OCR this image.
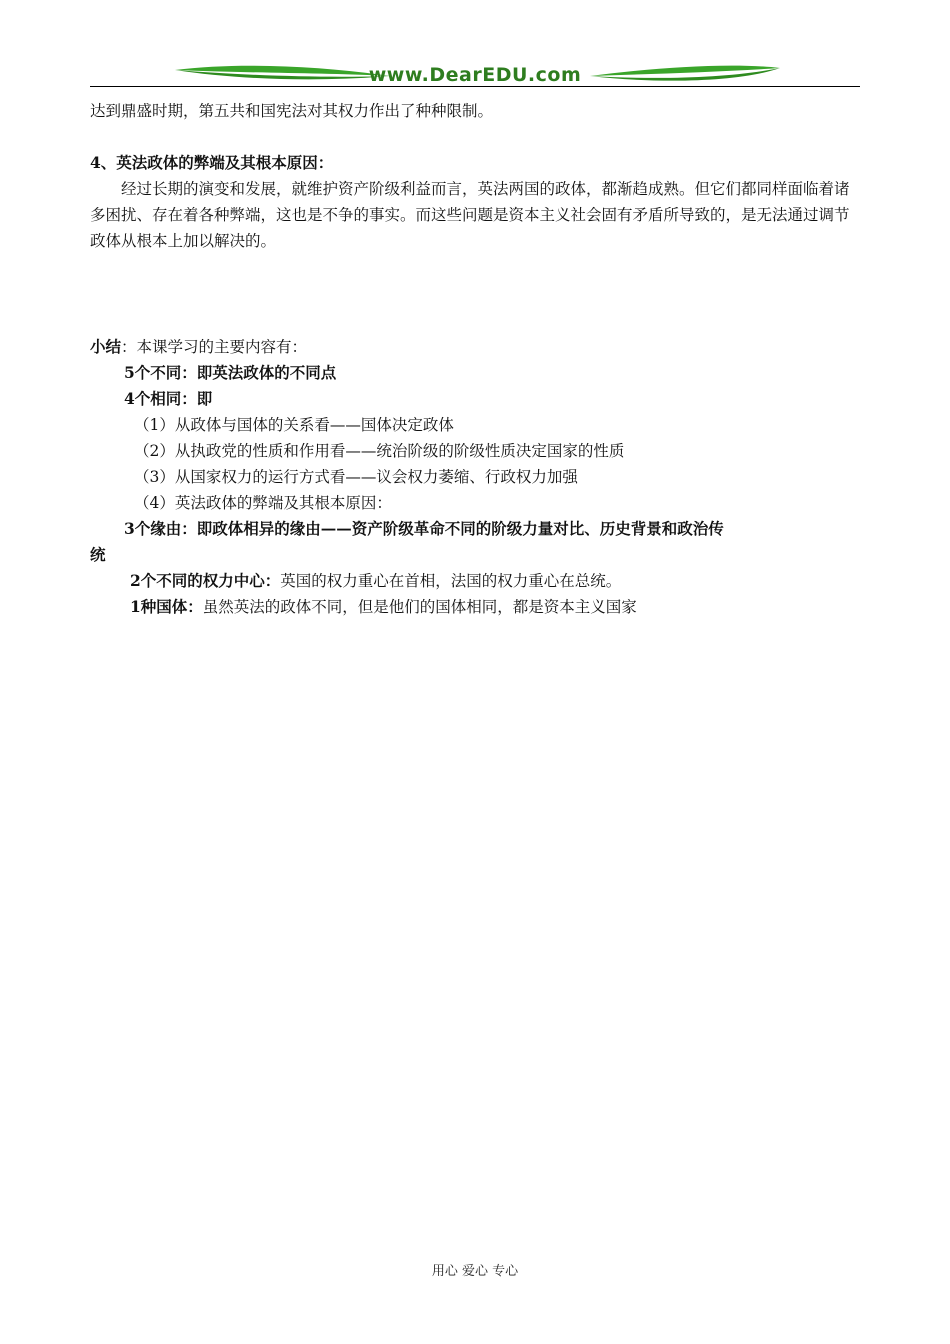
www.DearEDU.com

达到鼎盛时期，第五共和国宪法对其权力作出了种种限制。

4、英法政体的弊端及其根本原因：

经过长期的演变和发展，就维护资产阶级利益而言，英法两国的政体，都渐趋成熟。但它们都同样面临着诸多困扰、存在着各种弊端，这也是不争的事实。而这些问题是资本主义社会固有矛盾所导致的，是无法通过调节政体从根本上加以解决的。

小结：本课学习的主要内容有：

5个不同：即英法政体的不同点

4个相同：即

（1）从政体与国体的关系看——国体决定政体

（2）从执政党的性质和作用看——统治阶级的阶级性质决定国家的性质

（3）从国家权力的运行方式看——议会权力萎缩、行政权力加强

（4）英法政体的弊端及其根本原因：

3个缘由：即政体相异的缘由——资产阶级革命不同的阶级力量对比、历史背景和政治传
统

2个不同的权力中心：英国的权力重心在首相，法国的权力重心在总统。

1种国体：虽然英法的政体不同，但是他们的国体相同，都是资本主义国家

用心 爱心 专心
